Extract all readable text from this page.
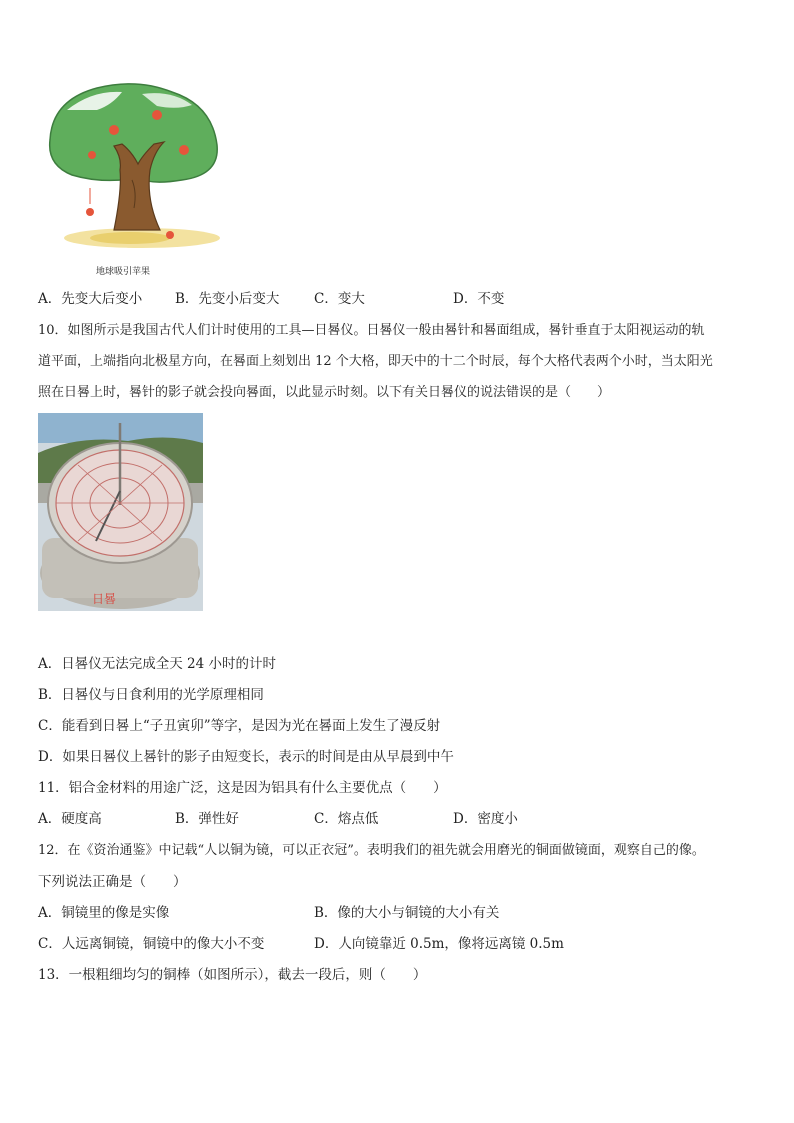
地球吸引苹果
A．先变大后变小 B．先变小后变大	C．变大	D．不变
10．如图所示是我国古代人们计时使用的工具—日晷仪。日晷仪一般由晷针和晷面组成，晷针垂直于太阳视运动的轨
道平面，上端指向北极星方向，在晷面上刻划出 12 个大格，即天中的十二个时辰，每个大格代表两个小时，当太阳光
照在日晷上时，晷针的影子就会投向晷面，以此显示时刻。以下有关日晷仪的说法错误的是（　　）
日晷
A．日晷仪无法完成全天 24 小时的计时
B．日晷仪与日食利用的光学原理相同
C．能看到日晷上“子丑寅卯”等字，是因为光在晷面上发生了漫反射
D．如果日晷仪上晷针的影子由短变长，表示的时间是由从早晨到中午
11．铝合金材料的用途广泛，这是因为铝具有什么主要优点（　　）
A．硬度高	B．弹性好	C．熔点低	D．密度小
12．在《资治通鉴》中记载“人以铜为镜，可以正衣冠”。表明我们的祖先就会用磨光的铜面做镜面，观察自己的像。
下列说法正确是（　　）
A．铜镜里的像是实像	B．像的大小与铜镜的大小有关
C．人远离铜镜，铜镜中的像大小不变	D．人向镜靠近 0.5m，像将远离镜 0.5m
13．一根粗细均匀的铜棒（如图所示），截去一段后，则（　　）
